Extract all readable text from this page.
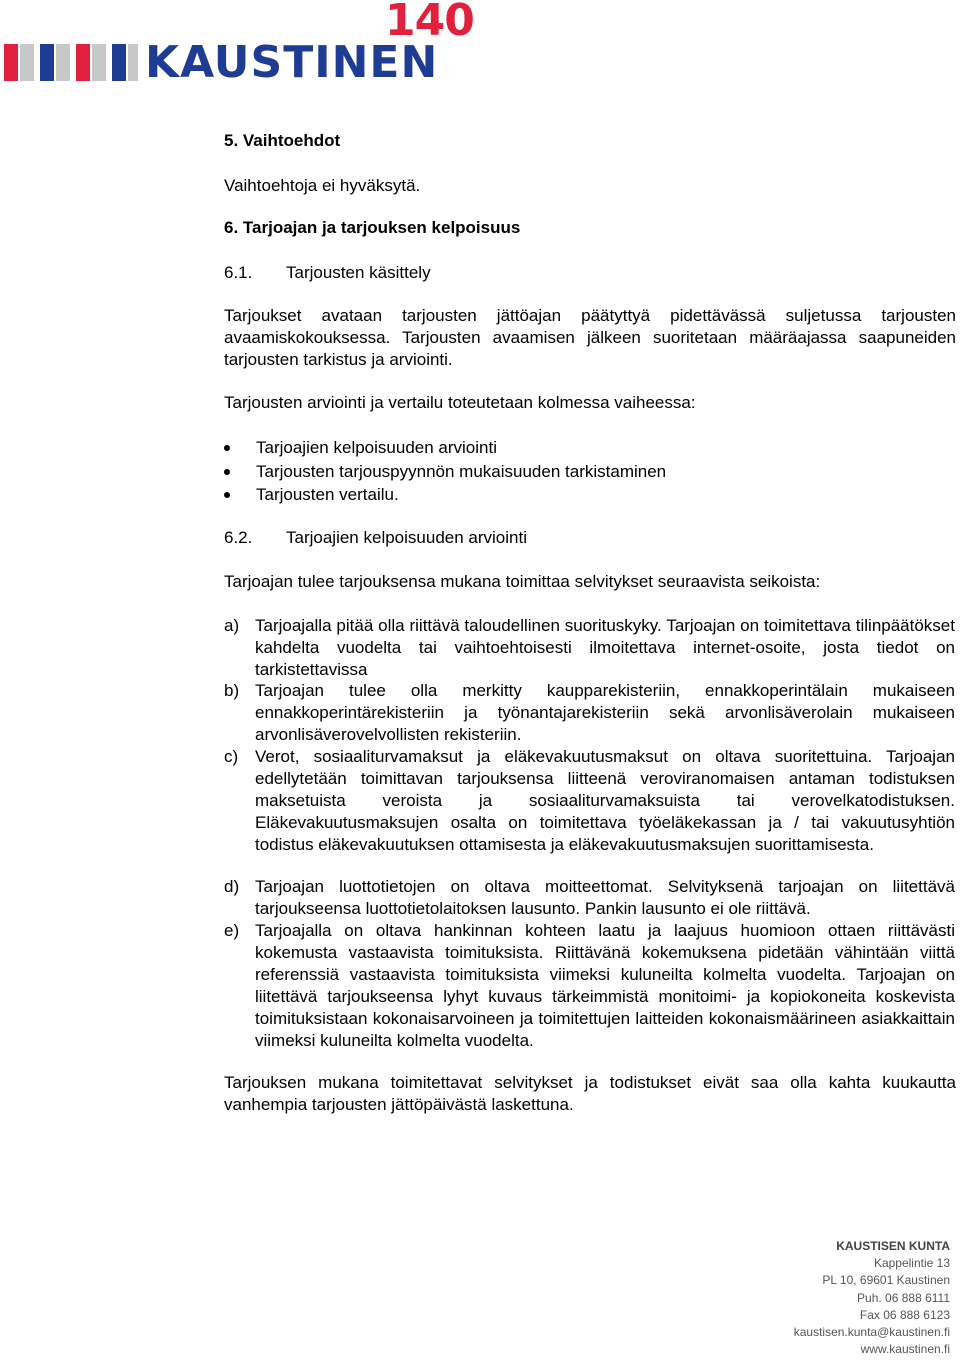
KAUSTINEN

140

5. Vaihtoehdot
Vaihtoehtoja ei hyväksytä.
6. Tarjoajan ja tarjouksen kelpoisuus
6.1. Tarjousten käsittely
Tarjoukset avataan tarjousten jättöajan päätyttyä pidettävässä suljetussa tarjousten avaamiskokouksessa. Tarjousten avaamisen jälkeen suoritetaan määräajassa saapuneiden tarjousten tarkistus ja arviointi.
Tarjousten arviointi ja vertailu toteutetaan kolmessa vaiheessa:
Tarjoajien kelpoisuuden arviointi
Tarjousten tarjouspyynnön mukaisuuden tarkistaminen
Tarjousten vertailu.
6.2. Tarjoajien kelpoisuuden arviointi
Tarjoajan tulee tarjouksensa mukana toimittaa selvitykset seuraavista seikoista:
a) Tarjoajalla pitää olla riittävä taloudellinen suorituskyky. Tarjoajan on toimitettava tilinpäätökset kahdelta vuodelta tai vaihtoehtoisesti ilmoitettava internet-osoite, josta tiedot on tarkistettavissa
b) Tarjoajan tulee olla merkitty kaupparekisteriin, ennakkoperintälain mukaiseen ennakkoperintärekisteriin ja työnantajarekisteriin sekä arvonlisäverolain mukaiseen arvonlisäverovelvollisten rekisteriin.
c) Verot, sosiaaliturvamaksut ja eläkevakuutusmaksut on oltava suoritettuina. Tarjoajan edellytetään toimittavan tarjouksensa liitteenä veroviranomaisen antaman todistuksen maksetuista veroista ja sosiaaliturvamaksuista tai verovelkatodistuksen. Eläkevakuutusmaksujen osalta on toimitettava työeläkekassan ja / tai vakuutusyhtiön todistus eläkevakuutuksen ottamisesta ja eläkevakuutusmaksujen suorittamisesta.
d) Tarjoajan luottotietojen on oltava moitteettomat. Selvityksenä tarjoajan on liitettävä tarjoukseensa luottotietolaitoksen lausunto. Pankin lausunto ei ole riittävä.
e) Tarjoajalla on oltava hankinnan kohteen laatu ja laajuus huomioon ottaen riittävästi kokemusta vastaavista toimituksista. Riittävänä kokemuksena pidetään vähintään viittä referenssiä vastaavista toimituksista viimeksi kuluneilta kolmelta vuodelta. Tarjoajan on liitettävä tarjoukseensa lyhyt kuvaus tärkeimmistä monitoimi- ja kopiokoneita koskevista toimituksistaan kokonaisarvoineen ja toimitettujen laitteiden kokonaismäärineen asiakkaittain viimeksi kuluneilta kolmelta vuodelta.
Tarjouksen mukana toimitettavat selvitykset ja todistukset eivät saa olla kahta kuukautta vanhempia tarjousten jättöpäivästä laskettuna.
KAUSTISEN KUNTA
Kappelintie 13
PL 10, 69601 Kaustinen
Puh. 06 888 6111
Fax 06 888 6123
kaustisen.kunta@kaustinen.fi
www.kaustinen.fi
